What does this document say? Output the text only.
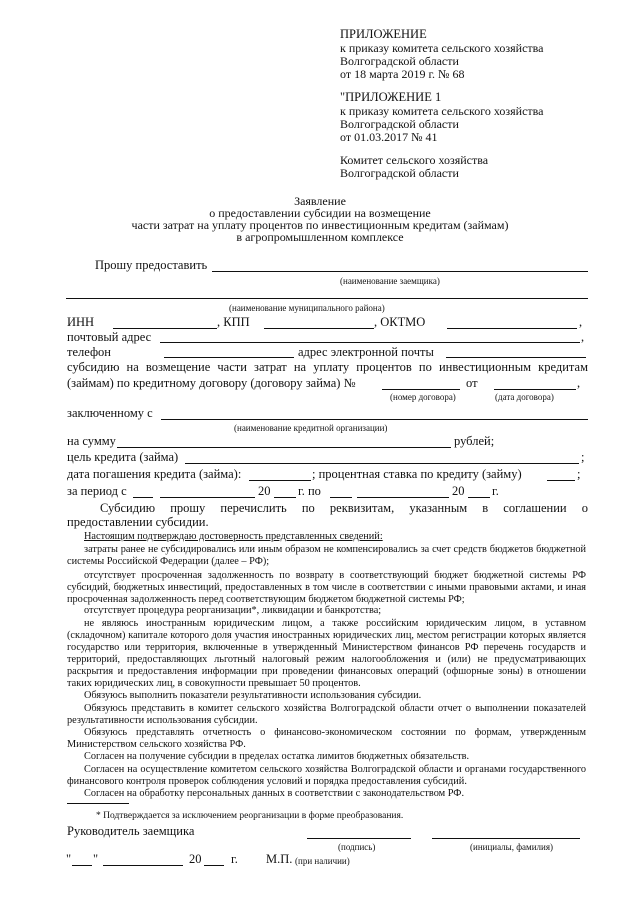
ПРИЛОЖЕНИЕ
к приказу комитета сельского хозяйства
Волгоградской области
от 18 марта 2019 г. № 68
"ПРИЛОЖЕНИЕ 1
к приказу комитета сельского хозяйства
Волгоградской области
от 01.03.2017 № 41
Комитет сельского хозяйства
Волгоградской области
Заявление
о предоставлении субсидии на возмещение
части затрат на уплату процентов по инвестиционным кредитам (займам)
в агропромышленном комплексе
Прошу предоставить
(наименование заемщика)
(наименование муниципального района)
ИНН	, КПП	, ОКТМО	,
почтовый адрес	,
телефон	адрес электронной почты
субсидию на возмещение части затрат на уплату процентов по инвестиционным кредитам
(займам) по кредитному договору (договору займа) №	от	,
(номер договора)	(дата договора)
заключенному с
(наименование кредитной организации)
на сумму	рублей;
цель кредита (займа)	;
дата погашения кредита (займа):	; процентная ставка по кредиту (займу)	;
за период с	20 г. по	20 г.
Субсидию прошу перечислить по реквизитам, указанным в соглашении о
предоставлении субсидии.
Настоящим подтверждаю достоверность представленных сведений:
затраты ранее не субсидировались или иным образом не компенсировались за счет средств бюджетов бюджетной системы Российской Федерации (далее – РФ);
отсутствует просроченная задолженность по возврату в соответствующий бюджет бюджетной системы РФ субсидий, бюджетных инвестиций, предоставленных в том числе в соответствии с иными правовыми актами, и иная просроченная задолженность перед соответствующим бюджетом бюджетной системы РФ;
отсутствует процедура реорганизации*, ликвидации и банкротства;
не являюсь иностранным юридическим лицом, а также российским юридическим лицом, в уставном (складочном) капитале которого доля участия иностранных юридических лиц, местом регистрации которых является государство или территория, включенные в утвержденный Министерством финансов РФ перечень государств и территорий, предоставляющих льготный налоговый режим налогообложения и (или) не предусматривающих раскрытия и предоставления информации при проведении финансовых операций (офшорные зоны) в отношении таких юридических лиц, в совокупности превышает 50 процентов.
Обязуюсь выполнить показатели результативности использования субсидии.
Обязуюсь представить в комитет сельского хозяйства Волгоградской области отчет о выполнении показателей результативности использования субсидии.
Обязуюсь представлять отчетность о финансово-экономическом состоянии по формам, утвержденным Министерством сельского хозяйства РФ.
Согласен на получение субсидии в пределах остатка лимитов бюджетных обязательств.
Согласен на осуществление комитетом сельского хозяйства Волгоградской области и органами государственного финансового контроля проверок соблюдения условий и порядка предоставления субсидий.
Согласен на обработку персональных данных в соответствии с законодательством РФ.
* Подтверждается за исключением реорганизации в форме преобразования.
Руководитель заемщика
(подпись)	(инициалы, фамилия)
" "	20 г. М.П. (при наличии)
